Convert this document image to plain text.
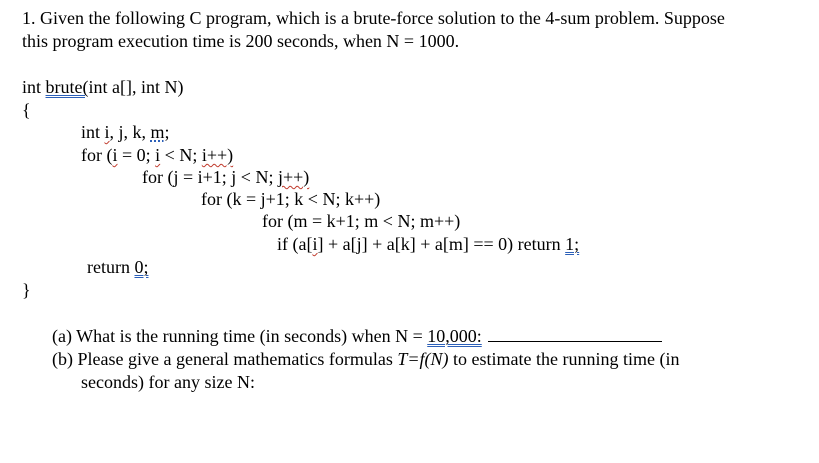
1. Given the following C program, which is a brute-force solution to the 4-sum problem. Suppose
this program execution time is 200 seconds, when N = 1000.
int brute(int a[], int N)
{
int i, j, k, m;
for (i = 0; i < N; i++)
for (j = i+1; j < N; j++)
for (k = j+1; k < N; k++)
for (m = k+1; m < N; m++)
if (a[i] + a[j] + a[k] + a[m] == 0) return 1;
return 0;
}
(a) What is the running time (in seconds) when N = 10,000:
(b) Please give a general mathematics formulas T=f(N) to estimate the running time (in
seconds) for any size N:
